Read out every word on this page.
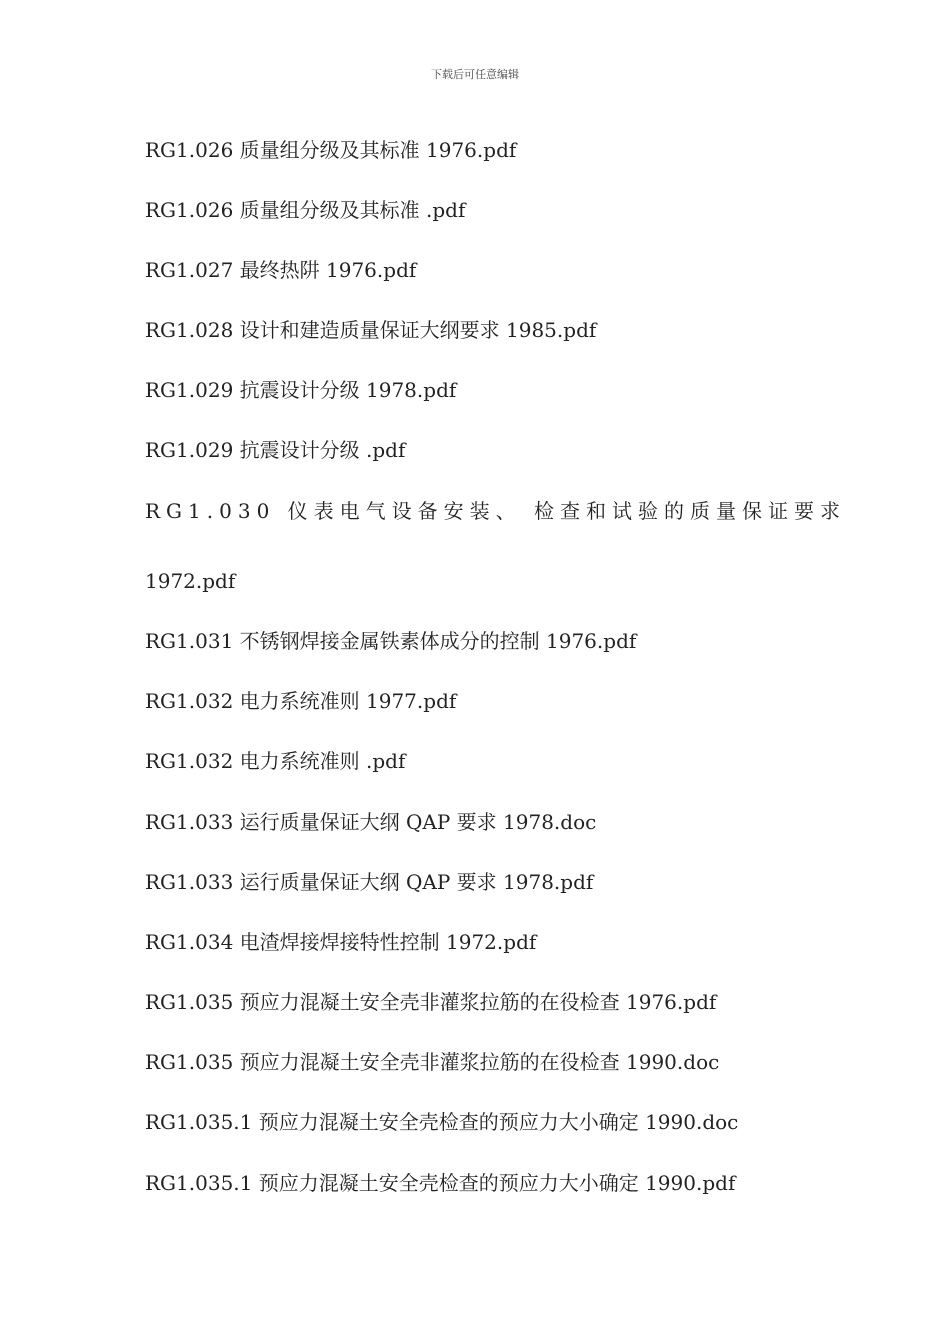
下载后可任意编辑
RG1.026 质量组分级及其标准 1976.pdf
RG1.026 质量组分级及其标准 .pdf
RG1.027 最终热阱 1976.pdf
RG1.028 设计和建造质量保证大纲要求 1985.pdf
RG1.029 抗震设计分级 1978.pdf
RG1.029 抗震设计分级 .pdf
RG1.030 仪表电气设备安装、 检查和试验的质量保证要求
1972.pdf
RG1.031 不锈钢焊接金属铁素体成分的控制 1976.pdf
RG1.032 电力系统准则 1977.pdf
RG1.032 电力系统准则 .pdf
RG1.033 运行质量保证大纲 QAP 要求 1978.doc
RG1.033 运行质量保证大纲 QAP 要求 1978.pdf
RG1.034 电渣焊接焊接特性控制 1972.pdf
RG1.035 预应力混凝土安全壳非灌浆拉筋的在役检查 1976.pdf
RG1.035 预应力混凝土安全壳非灌浆拉筋的在役检查 1990.doc
RG1.035.1 预应力混凝土安全壳检查的预应力大小确定 1990.doc
RG1.035.1 预应力混凝土安全壳检查的预应力大小确定 1990.pdf
